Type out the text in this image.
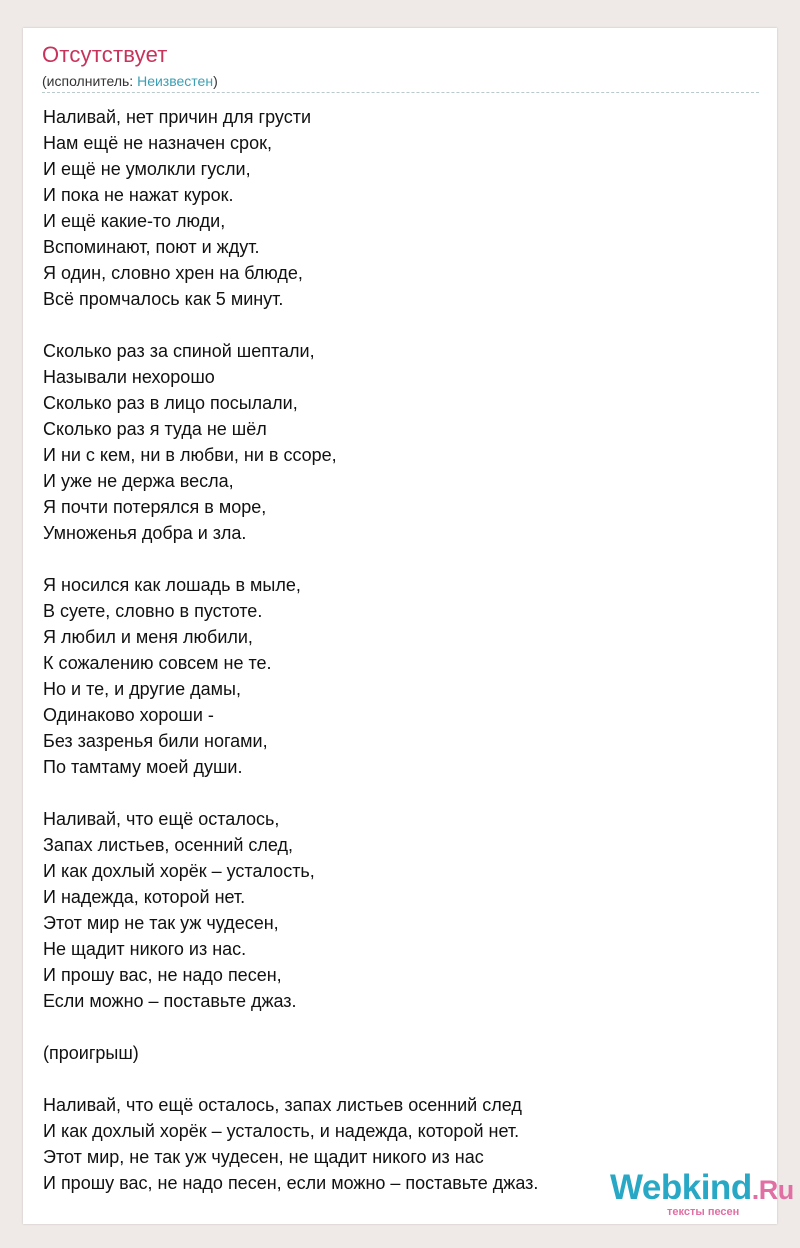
Отсутствует
(исполнитель: Неизвестен)
Наливай, нет причин для грусти
Нам ещё не назначен срок,
И ещё не умолкли гусли,
И пока не нажат курок.
И ещё какие-то люди,
Вспоминают, поют и ждут.
Я один, словно хрен на блюде,
Всё промчалось как 5 минут.
Сколько раз за спиной шептали,
Называли нехорошо
Сколько раз в лицо посылали,
Сколько раз я туда не шёл
И ни с кем, ни в любви, ни в ссоре,
И уже не держа весла,
Я почти потерялся в море,
Умноженья добра и зла.
Я носился как лошадь в мыле,
В суете, словно в пустоте.
Я любил и меня любили,
К сожалению совсем не те.
Но и те, и другие дамы,
Одинаково хороши -
Без зазренья били ногами,
По тамтаму моей души.
Наливай, что ещё осталось,
Запах листьев, осенний след,
И как дохлый хорёк – усталость,
И надежда, которой нет.
Этот мир не так уж чудесен,
Не щадит никого из нас.
И прошу вас, не надо песен,
Если можно – поставьте джаз.
(проигрыш)
Наливай, что ещё осталось, запах листьев осенний след
И как дохлый хорёк – усталость, и надежда, которой нет.
Этот мир, не так уж чудесен, не щадит никого из нас
И прошу вас, не надо песен, если можно – поставьте джаз.	Webkind.Ru
тексты песен
